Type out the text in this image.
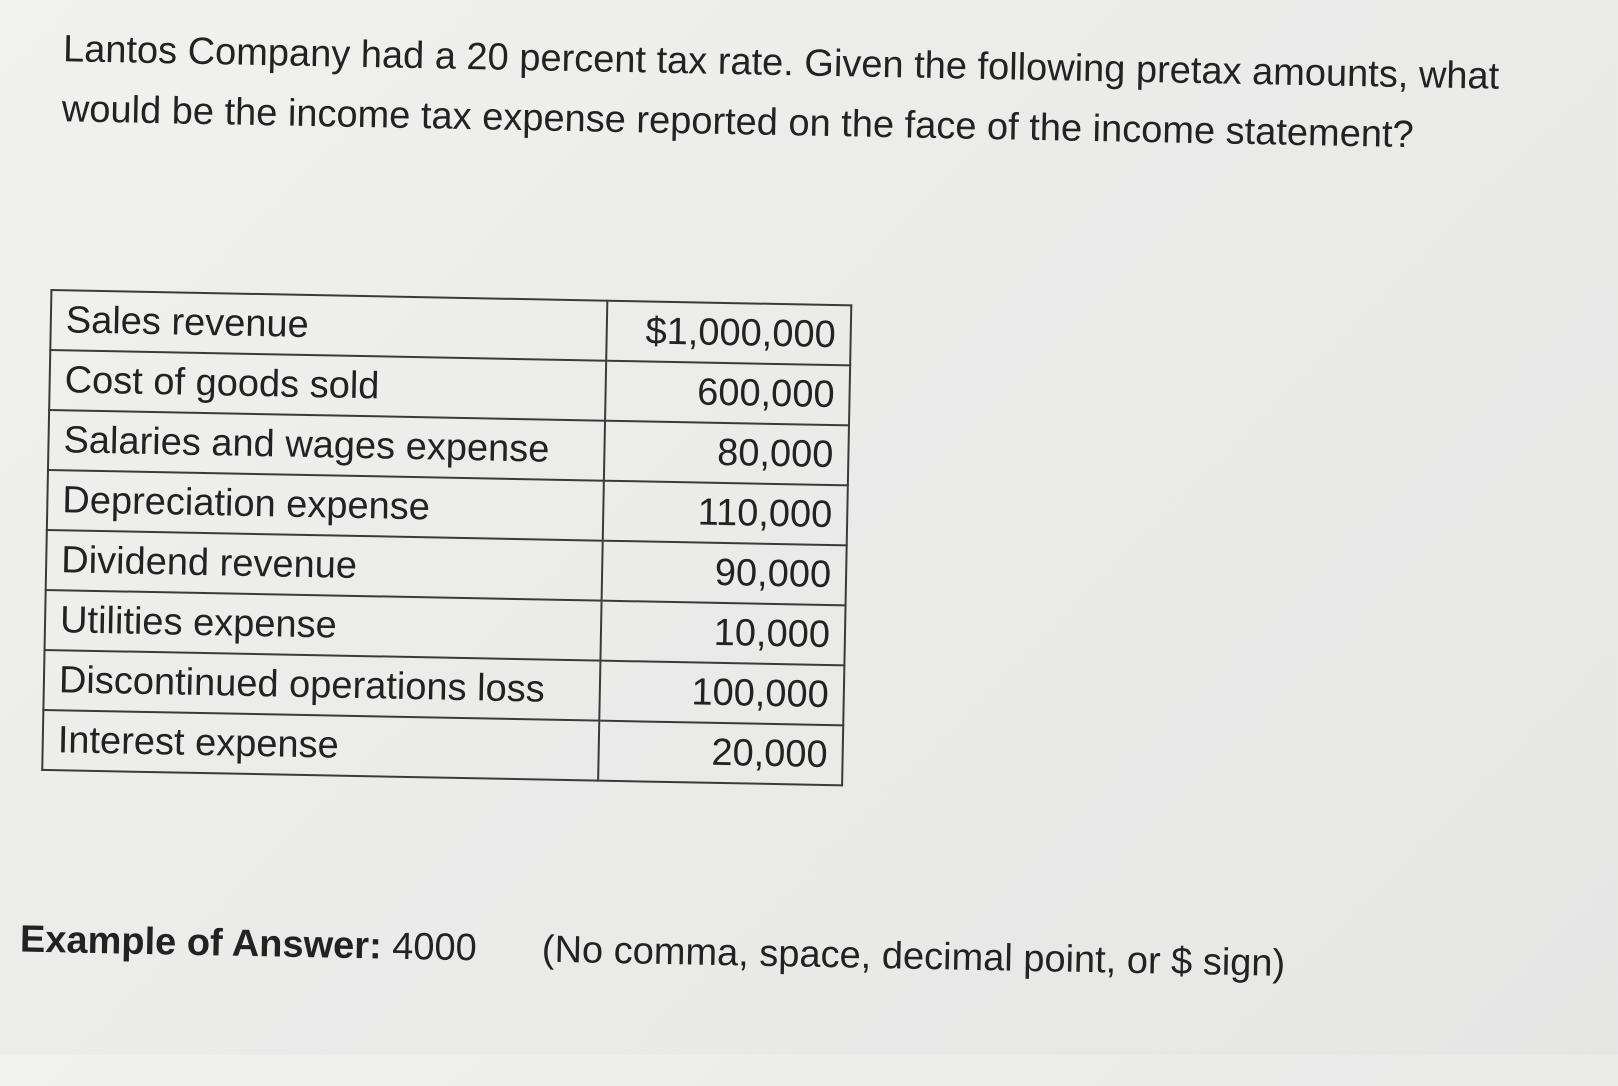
Lantos Company had a 20 percent tax rate. Given the following pretax amounts, what would be the income tax expense reported on the face of the income statement?

Sales revenue	$1,000,000
Cost of goods sold	600,000
Salaries and wages expense	80,000
Depreciation expense	110,000
Dividend revenue	90,000
Utilities expense	10,000
Discontinued operations loss	100,000
Interest expense	20,000
Example of Answer: 4000 (No comma, space, decimal point, or $ sign)
